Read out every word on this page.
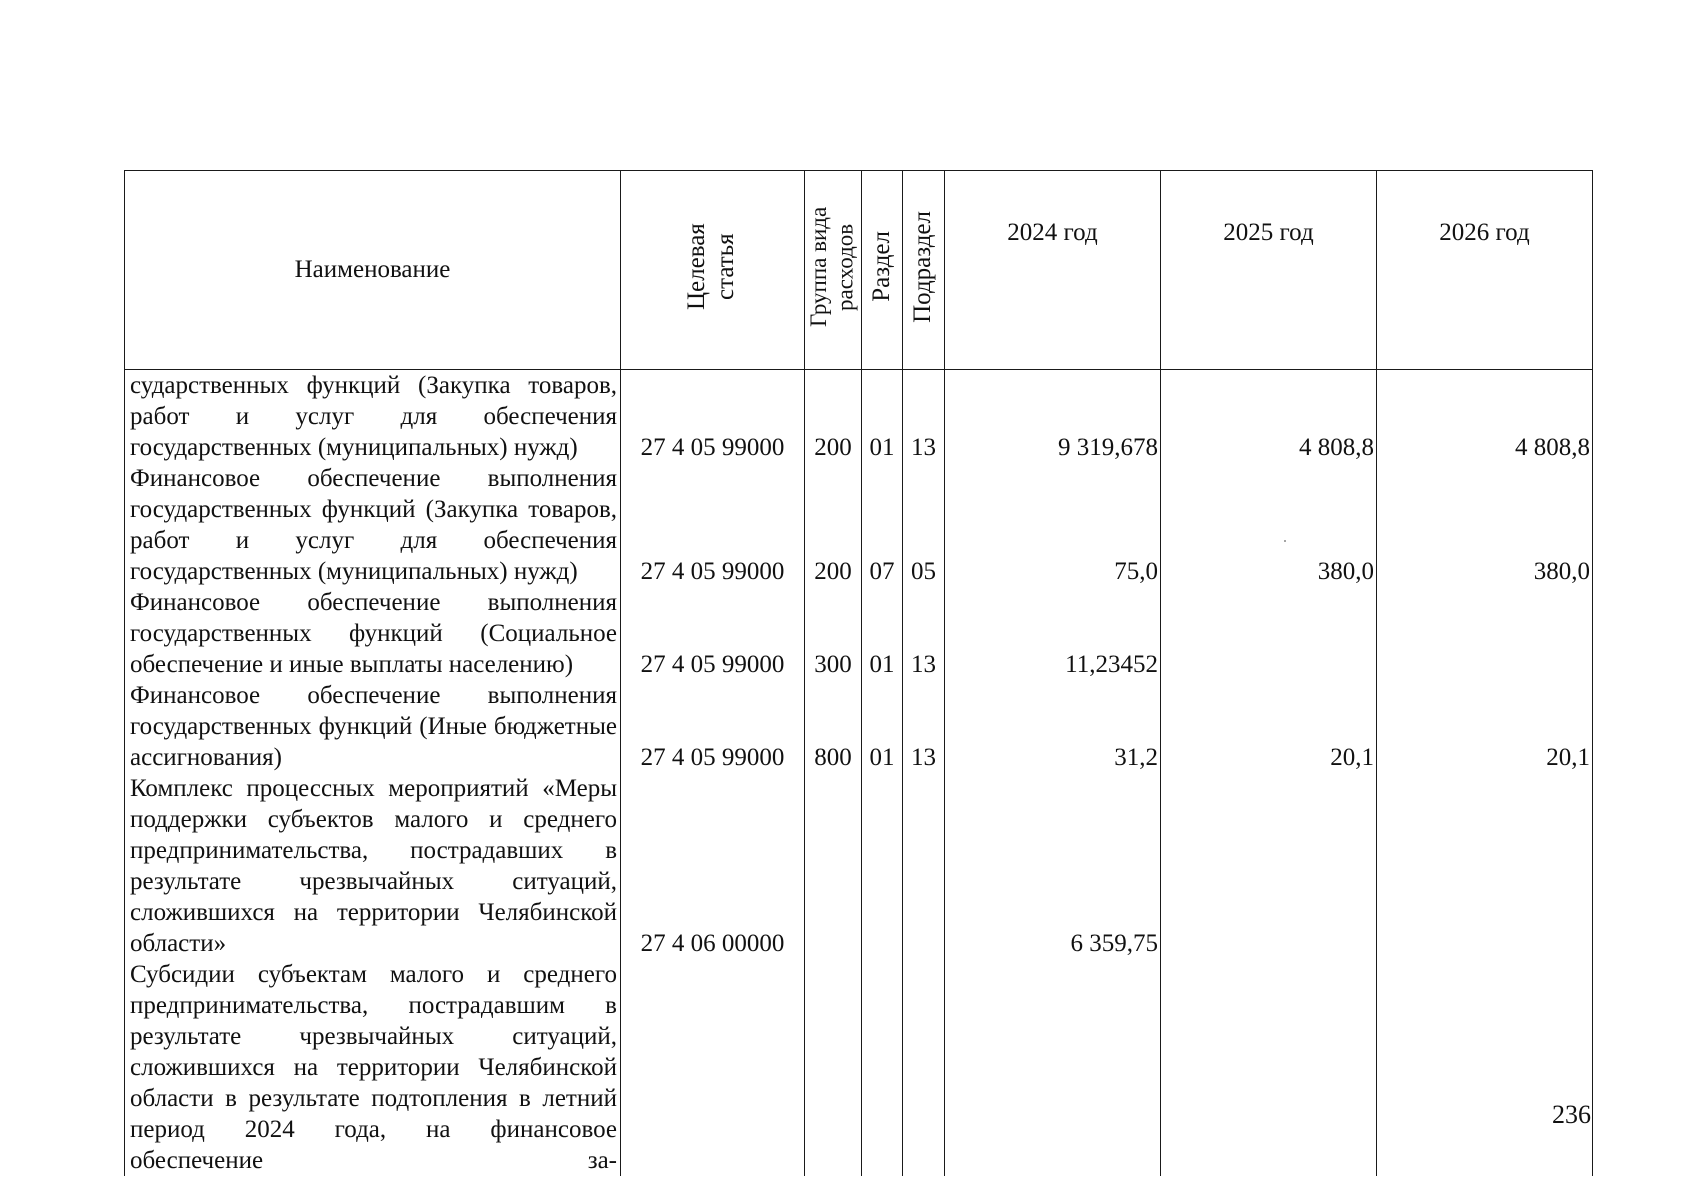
Наименование	Целевая статья	Группа вида расходов	Раздел	Подраздел	2024 год	2025 год	2026 год
сударственных функций (Закупка товаров, работ и услуг для обеспечения государственных (муниципальных) нужд)	27 4 05 99000	200	01	13	9 319,678	4 808,8	4 808,8
Финансовое обеспечение выполнения государственных функций (Закупка товаров, работ и услуг для обеспечения государственных (муниципальных) нужд)	27 4 05 99000	200	07	05	75,0	380,0	380,0
Финансовое обеспечение выполнения государственных функций (Социальное обеспечение и иные выплаты населению)	27 4 05 99000	300	01	13	11,23452		
Финансовое обеспечение выполнения государственных функций (Иные бюджетные ассигнования)	27 4 05 99000	800	01	13	31,2	20,1	20,1
Комплекс процессных мероприятий «Меры поддержки субъектов малого и среднего предпринимательства, пострадавших в результате чрезвычайных ситуаций, сложившихся на территории Челябинской области»	27 4 06 00000				6 359,75		
Субсидии субъектам малого и среднего предпринимательства, пострадавшим в результате чрезвычайных ситуаций, сложившихся на территории Челябинской области в результате подтопления в летний период 2024 года, на финансовое обеспечение за-							
236
